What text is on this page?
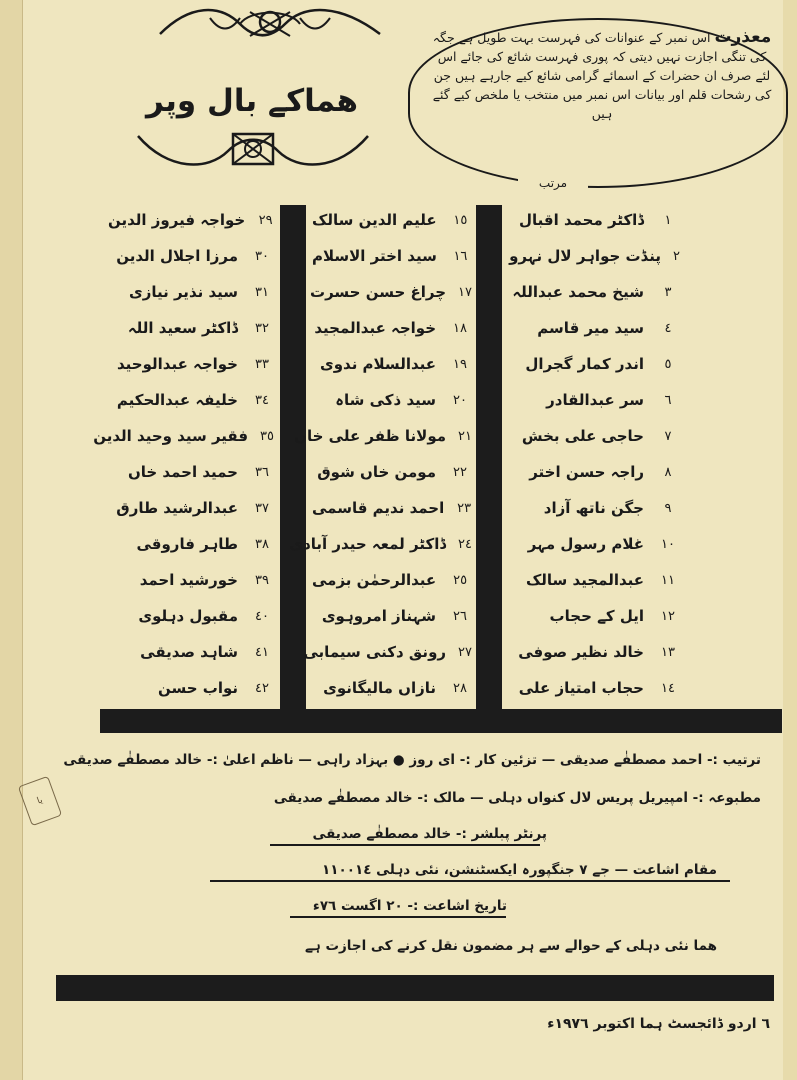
ھماکے بال وپر
معذرت اس نمبر کے عنوانات کی فہرست بہت طویل ہے جگہ کی تنگی اجازت نہیں دیتی کہ پوری فہرست شائع کی جائے اس لئے صرف ان حضرات کے اسمائے گرامی شائع کیے جارہے ہیں جن کی رشحات قلم اور بیانات اس نمبر میں منتخب یا ملخص کیے گئے ہیں
مرتب
١
ڈاکٹر محمد اقبال
٢
پنڈت جواہر لال نہرو
٣
شیخ محمد عبداللہ
٤
سید میر قاسم
٥
اندر کمار گجرال
٦
سر عبدالقادر
٧
حاجی علی بخش
٨
راجہ حسن اختر
٩
جگن ناتھ آزاد
١٠
غلام رسول مہر
١١
عبدالمجید سالک
١٢
ایل کے حجاب
١٣
خالد نظیر صوفی
١٤
حجاب امتیاز علی
١٥
علیم الدین سالک
١٦
سید اختر الاسلام
١٧
چراغ حسن حسرت
١٨
خواجہ عبدالمجید
١٩
عبدالسلام ندوی
٢٠
سید ذکی شاہ
٢١
مولانا ظفر علی خاں
٢٢
مومن خاں شوق
٢٣
احمد ندیم قاسمی
٢٤
ڈاکٹر لمعہ حیدر آبادی
٢٥
عبدالرحمٰن بزمی
٢٦
شہناز امروہوی
٢٧
رونق دکنی سیمابی
٢٨
نازاں مالیگانوی
٢٩
خواجہ فیروز الدین
٣٠
مرزا اجلال الدین
٣١
سید نذیر نیازی
٣٢
ڈاکٹر سعید اللہ
٣٣
خواجہ عبدالوحید
٣٤
خلیفہ عبدالحکیم
٣٥
فقیر سید وحید الدین
٣٦
حمید احمد خاں
٣٧
عبدالرشید طارق
٣٨
طاہر فاروقی
٣٩
خورشید احمد
٤٠
مقبول دہلوی
٤١
شاہد صدیقی
٤٢
نواب حسن
ترتیب :- احمد مصطفٰے صدیقی — تزئین کار :- ای روز ● بہزاد راہی — ناظم اعلیٰ :- خالد مصطفٰے صدیقی
مطبوعہ :- امپیریل پریس لال کنواں دہلی — مالک :- خالد مصطفٰے صدیقی
پرنٹر پبلشر :- خالد مصطفٰے صدیقی
مقام اشاعت — جے ٧ جنگپورہ ایکسٹنشن، نئی دہلی ١١٠٠١٤
تاریخ اشاعت :- ٢٠ اگست ٧٦ء
ھما نئی دہلی کے حوالے سے ہر مضمون نقل کرنے کی اجازت ہے
یا
٦ اردو ڈائجسٹ ہما اکتوبر ١٩٧٦ء
